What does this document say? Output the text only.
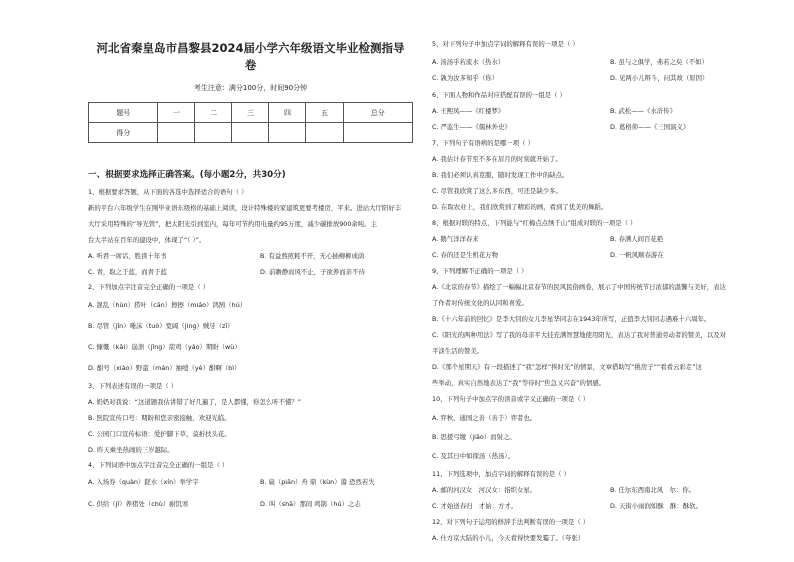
河北省秦皇岛市昌黎县2024届小学六年级语文毕业检测指导

卷

考生注意：满分100分，时间90分钟
题号	一	二	三	四	五	总分
得分						
一、根据要求选择正确答案。(每小题2分，共30分)
1、根据要求答题，从下面的各选中选择适合的语句（ ）
新的平台六年级学生在刚毕业语东级格的基础上阅读，设计特殊楼的家建筑更要考楼房，平来。进站大厅阳好丰
大厅采用特殊的“导光管”，把太阳光引到室内，每年可节约用电量约95万度，减少碳排放900余吨。主
台大半站在百年的建设中，体现了“（ ）”。
A. 听君一席话，胜读十年书	B. 有益熬煎耗不开，无心插柳柳成荫
C. 青，取之于蓝，而青于蓝	D. 前瞻静而风不止，子欲养而亲不待
2、下列加点字注音完全正确的一项是（ ）
A. 混乱（hùn）捞叶（cān）擦擦（miáo）鸿鹄（hú）
B. 尽管（jǐn）唾沫（tuò）宽阔（jìng）贼牙（zī）
C. 慷慨（kǎi）崩溃（jǐng）箭鸡（yáo）期盼（wù）
D. 酣号（xiào）野蛮（mán）抽噎（yè）酣啊（bì）
3、下列表述有误的一项是（ ）
A. 奶奶对我说：“这道题我估讲错了好几遍了，是人都懂，你怎么听不懂？”
B. 医院宣传口号：期盼和您亲密接触，欢迎光临。
C. 公园门口宣传标语：爱护脚下草，莫折扶头花。
D. 昨天乘坐热闹的三岁越际。
4、下列词语中加点字注音完全正确的一组是（ ）
A. 入场券（quàn）蹉水（xín）举学字	B. 扁（piān）舟 鼎（kùn）嚣 恐然若失
C. 供给（jǐ）养猪处（chù）耐饥寒	D. 叫（shā）那间 鸣鹊（hú）之志
5、对下列句子中加点字词的解释有误的一项是（ ）
A. 汤汤乎若流水（热水）	B. 虽与之俱学，弗若之矣（不如）
C. 孰为汝多知乎（你）	D. 见两小儿辩斗，问其故（原因）
6、下面人物和作品对应搭配有误的一组是（ ）
A. 王熙凤——《红楼梦》	B. 武松——《水浒传》
C. 严监生——《儒林外史》	D. 葛格仰——《三国演义》
7、下列句子有语病的是哪一项（ ）
A. 我估计春节至不多在眉月的时刻就开始了。
B. 我们必须认真克服，随时发现工作中的缺点。
C. 尽管我欣赏了这么多东西，可还是缺少多。
D. 在取农业上，我们欣赏到了精彩的画，看到了优美的舞蹈。
8、根据对联的特点，下列能与“红梅点点绣千山”组成对联的一项是（ ）
A. 鹅气洋洋春来	B. 春满人间百花艳
C. 春的还是生机花万物	D. 一帆风顺春游在
9、下列理解不正确的一项是（ ）
A.《北京的春节》描绘了一幅幅北京春节的民风民俗画卷，展示了中国传统节日浓郁的温馨与美好，表达
了作者对传统文化的认同和喜爱。
B.《十六年前的回忆》是李大钊的女儿李星华同志在1943年所写，正值李大钊同志遇难十六周年。
C.《阳光的两种用法》写了我的母亲平大挂充满智慧地使用阳光，表达了我对普通劳动者的赞美，以及对
平淡生活的赞美。
D.《那个星期天》有一段描述了“我”怎样“挨时光”的情景，文章借助写“挑房子”“看看云彩走”这
些举动，真实自然地表达了“我”等待时“焦急又兴奋”的情感。
10、下列句子中加点字的读音或字义正确的一项是（ ）
A. 弈秋，通国之善（善于）弈者也。
B. 思援弓缴（jiāo）而射之。
C. 及其日中如探汤（热汤）。
11、下列选项中，加点字词的解释有误的是（ ）
A. 邮的河汉女　河汉女：指织女星。	B. 任尔东西南北风　尔：你。
C. 才始送春归　才始：方才。	D. 天街小雨润如酥　酥：酥软。
12、对下列句子运用的修辞手法判断有误的一项是（ ）
A. 仕方京大陆的小儿，今天看得快要发霉了。（夸张）
